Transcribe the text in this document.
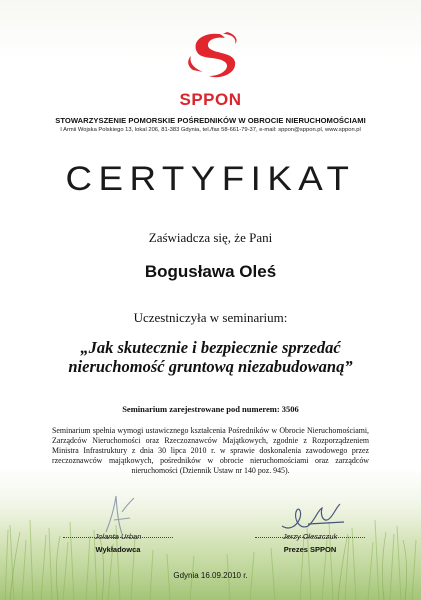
SPPON
STOWARZYSZENIE POMORSKIE POŚREDNIKÓW W OBROCIE NIERUCHOMOŚCIAMI
I Armii Wojska Polskiego 13, lokal 206, 81-383 Gdynia, tel./fax 58-661-79-37, e-mail: sppon@sppon.pl, www.sppon.pl
CERTYFIKAT
Zaświadcza się, że Pani
Bogusława Oleś
Uczestniczyła w seminarium:
„Jak skutecznie i bezpiecznie sprzedać
nieruchomość gruntową niezabudowaną”
Seminarium zarejestrowane pod numerem: 3506
Seminarium spełnia wymogi ustawicznego kształcenia Pośredników w Obrocie Nieruchomościami, Zarządców Nieruchomości oraz Rzeczoznawców Majątkowych, zgodnie z Rozporządzeniem Ministra Infrastruktury z dnia 30 lipca 2010 r. w sprawie doskonalenia zawodowego przez rzeczoznawców majątkowych, pośredników w obrocie nieruchomościami oraz zarządców nieruchomości (Dziennik Ustaw nr 140 poz. 945).
Jolanta Urban
Wykładowca
Jerzy Oleszczuk
Prezes SPPON
Gdynia 16.09.2010 r.
